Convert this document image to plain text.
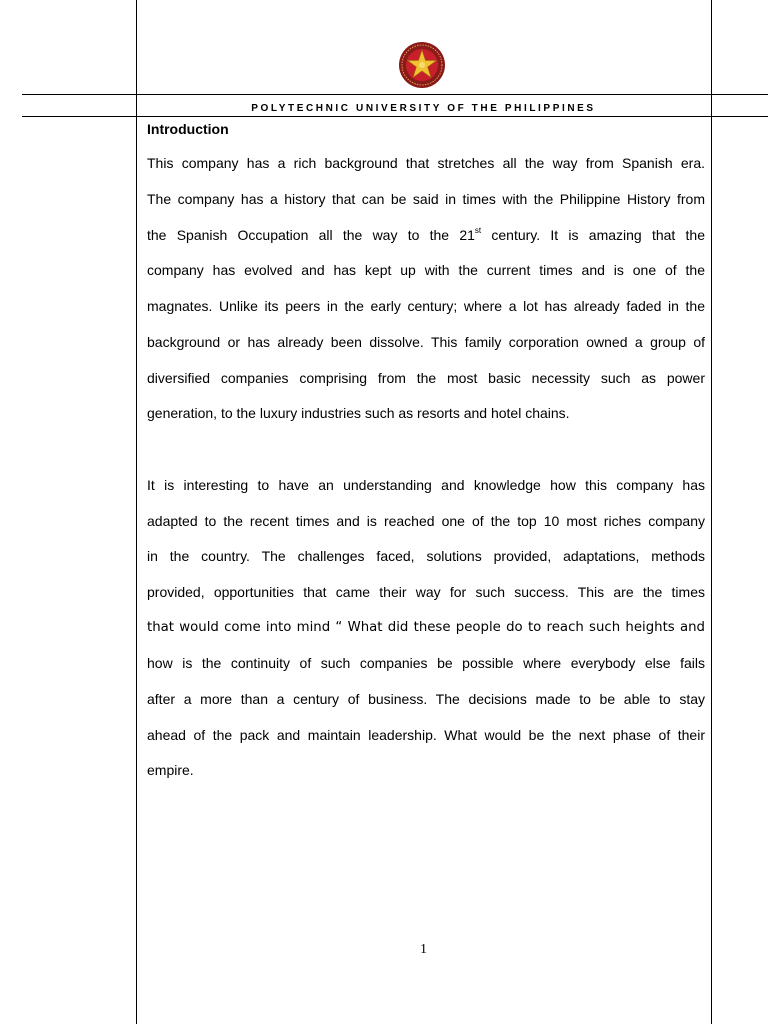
POLYTECHNIC UNIVERSITY OF THE PHILIPPINES
Introduction
This company has a rich background that stretches all the way from Spanish era.
The company has a history that can be said in times with the Philippine History from
the Spanish Occupation all the way to the 21st century. It is amazing that the
company has evolved and has kept up with the current times and is one of the
magnates. Unlike its peers in the early century; where a lot has already faded in the
background or has already been dissolve. This family corporation owned a group of
diversified companies comprising from the most basic necessity such as power
generation, to the luxury industries such as resorts and hotel chains.
It is interesting to have an understanding and knowledge how this company has
adapted to the recent times and is reached one of the top 10 most riches company
in the country. The challenges faced, solutions provided, adaptations, methods
provided, opportunities that came their way for such success. This are the times
that would come into mind “ What did these people do to reach such heights and
how is the continuity of such companies be possible where everybody else fails
after a more than a century of business. The decisions made to be able to stay
ahead of the pack and maintain leadership. What would be the next phase of their
empire.
1
